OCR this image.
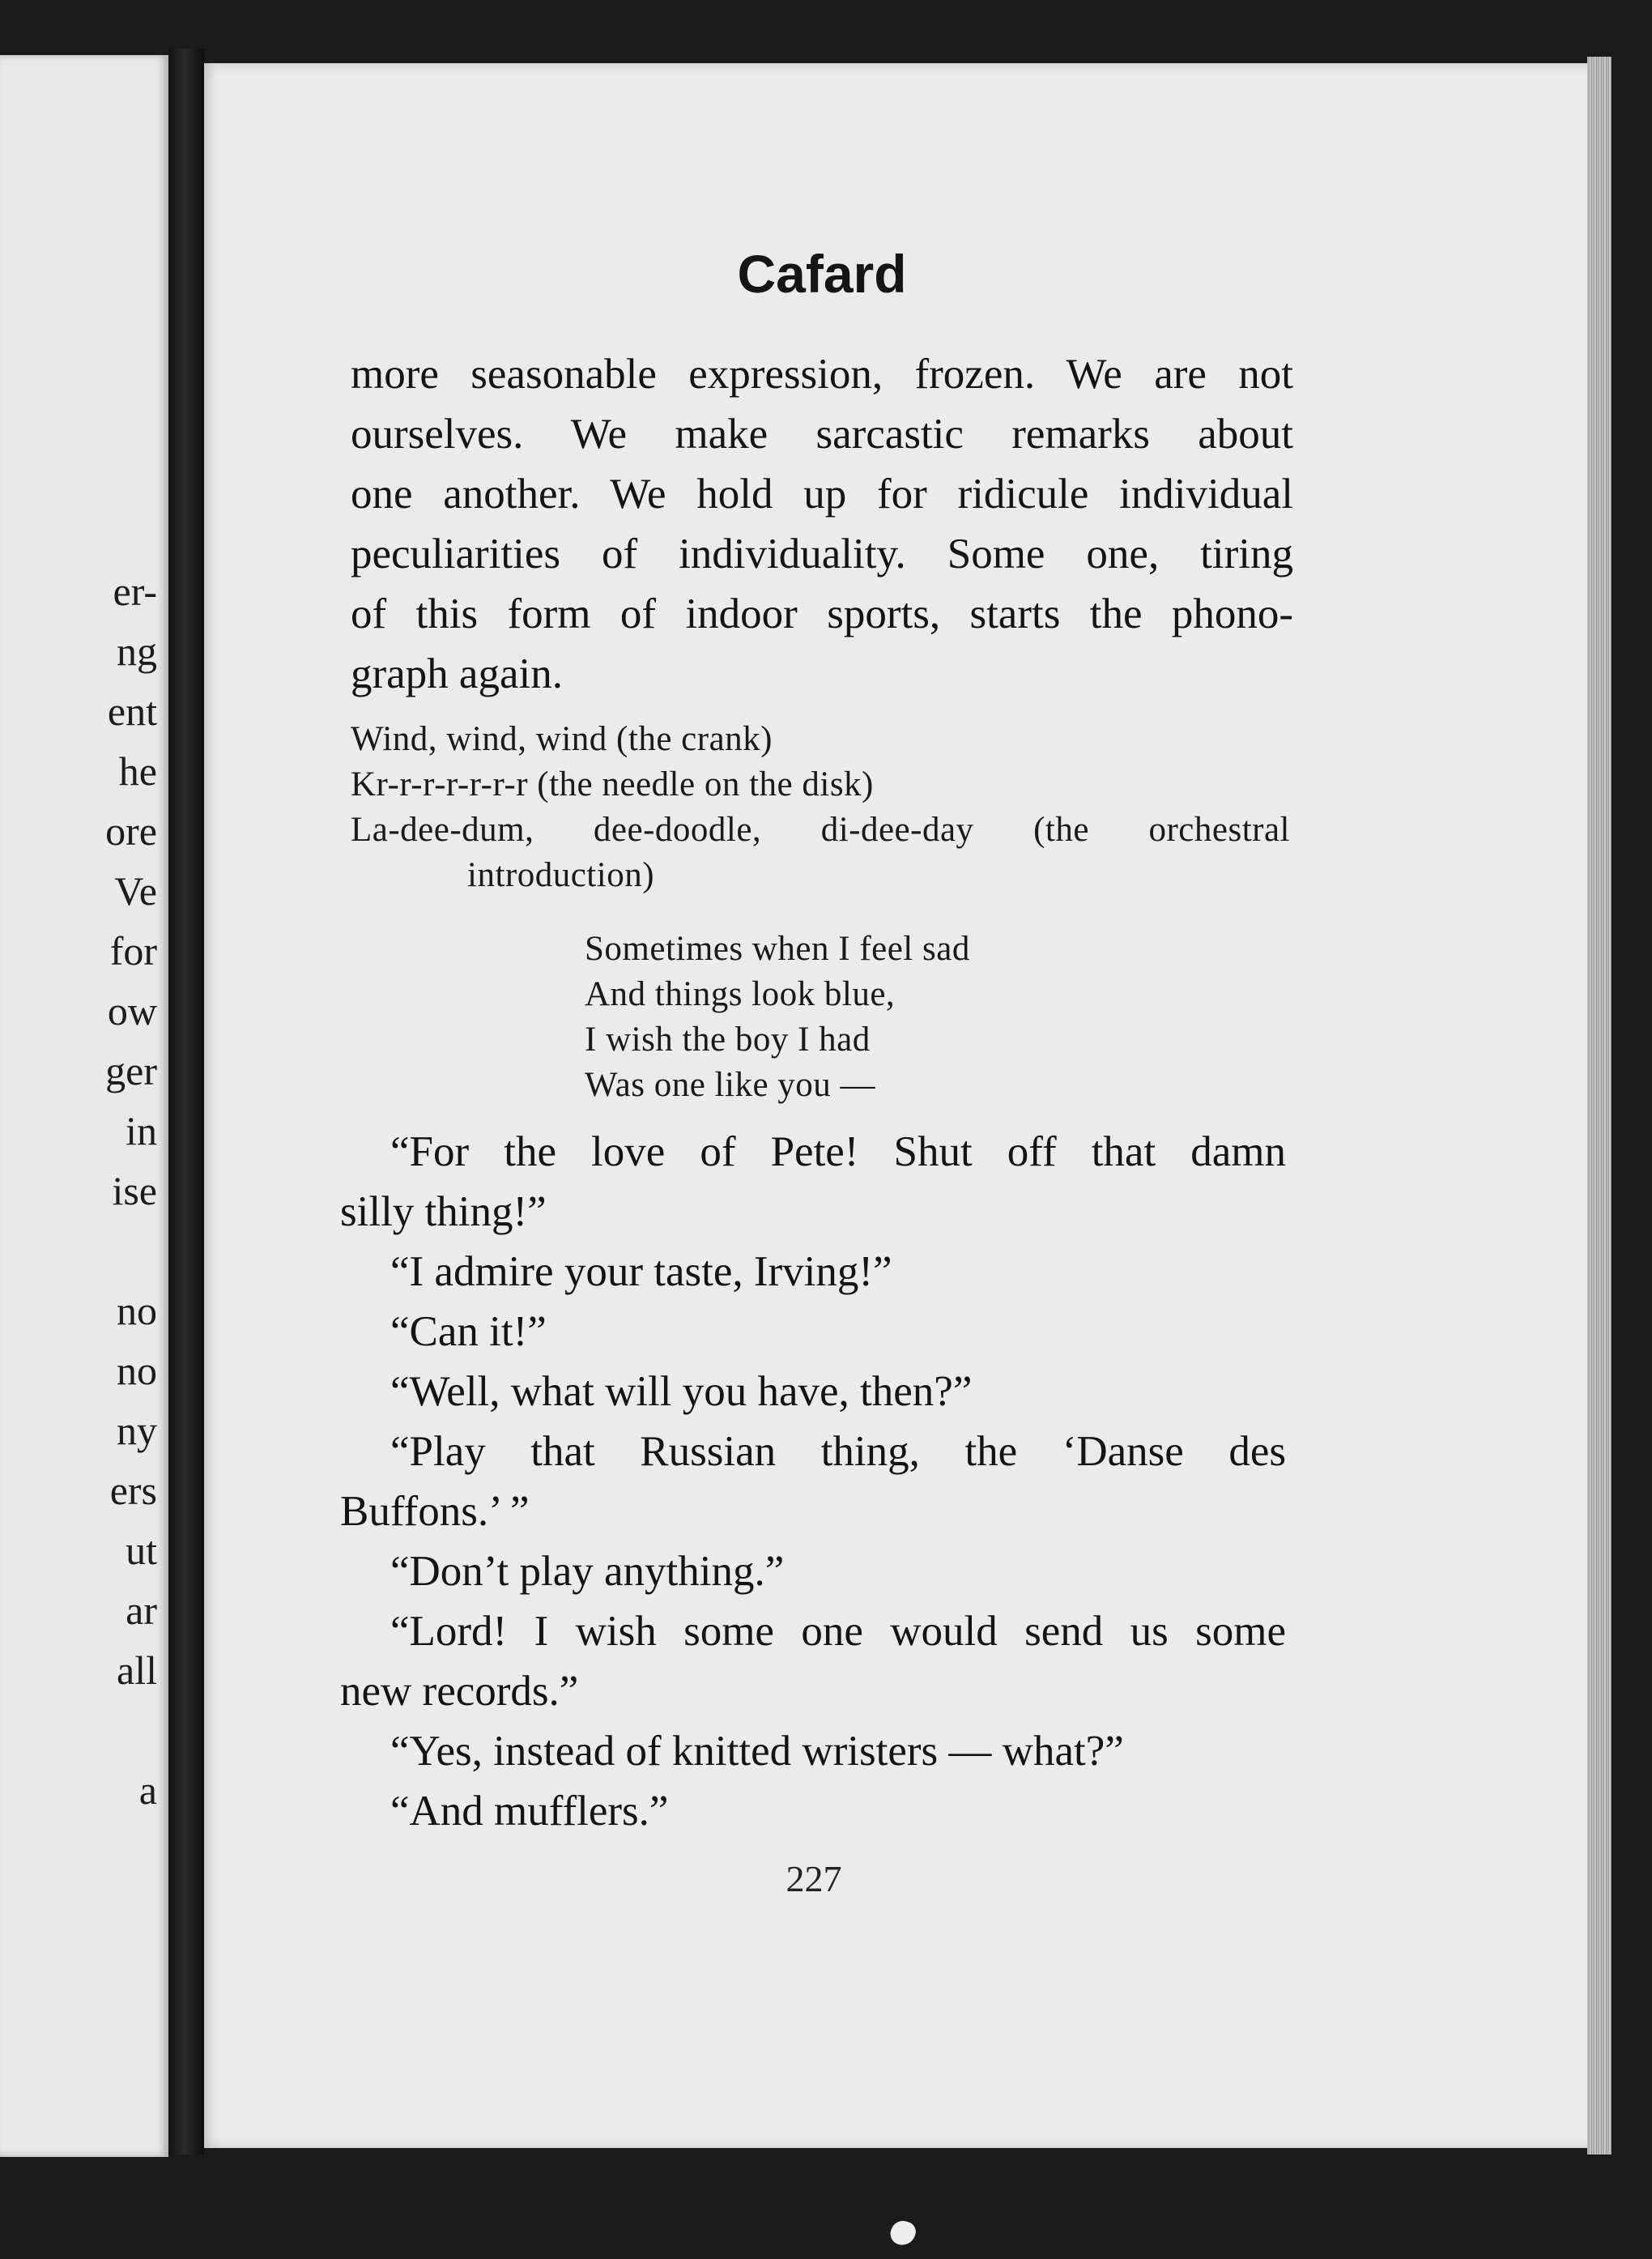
er-
ng
ent
he
ore
Ve
for
ow
ger
in
ise
no
no
ny
ers
ut
ar
all
a
Cafard
more seasonable expression, frozen. We are not
ourselves. We make sarcastic remarks about
one another. We hold up for ridicule individual
peculiarities of individuality. Some one, tiring
of this form of indoor sports, starts the phono-
graph again.
Wind, wind, wind (the crank)
Kr-r-r-r-r-r-r (the needle on the disk)
La-dee-dum, dee-doodle, di-dee-day (the orchestral
introduction)
Sometimes when I feel sad
And things look blue,
I wish the boy I had
Was one like you —
“For the love of Pete! Shut off that damn
silly thing!”
“I admire your taste, Irving!”
“Can it!”
“Well, what will you have, then?”
“Play that Russian thing, the ‘Danse des
Buffons.’ ”
“Don’t play anything.”
“Lord! I wish some one would send us some
new records.”
“Yes, instead of knitted wristers — what?”
“And mufflers.”
227
